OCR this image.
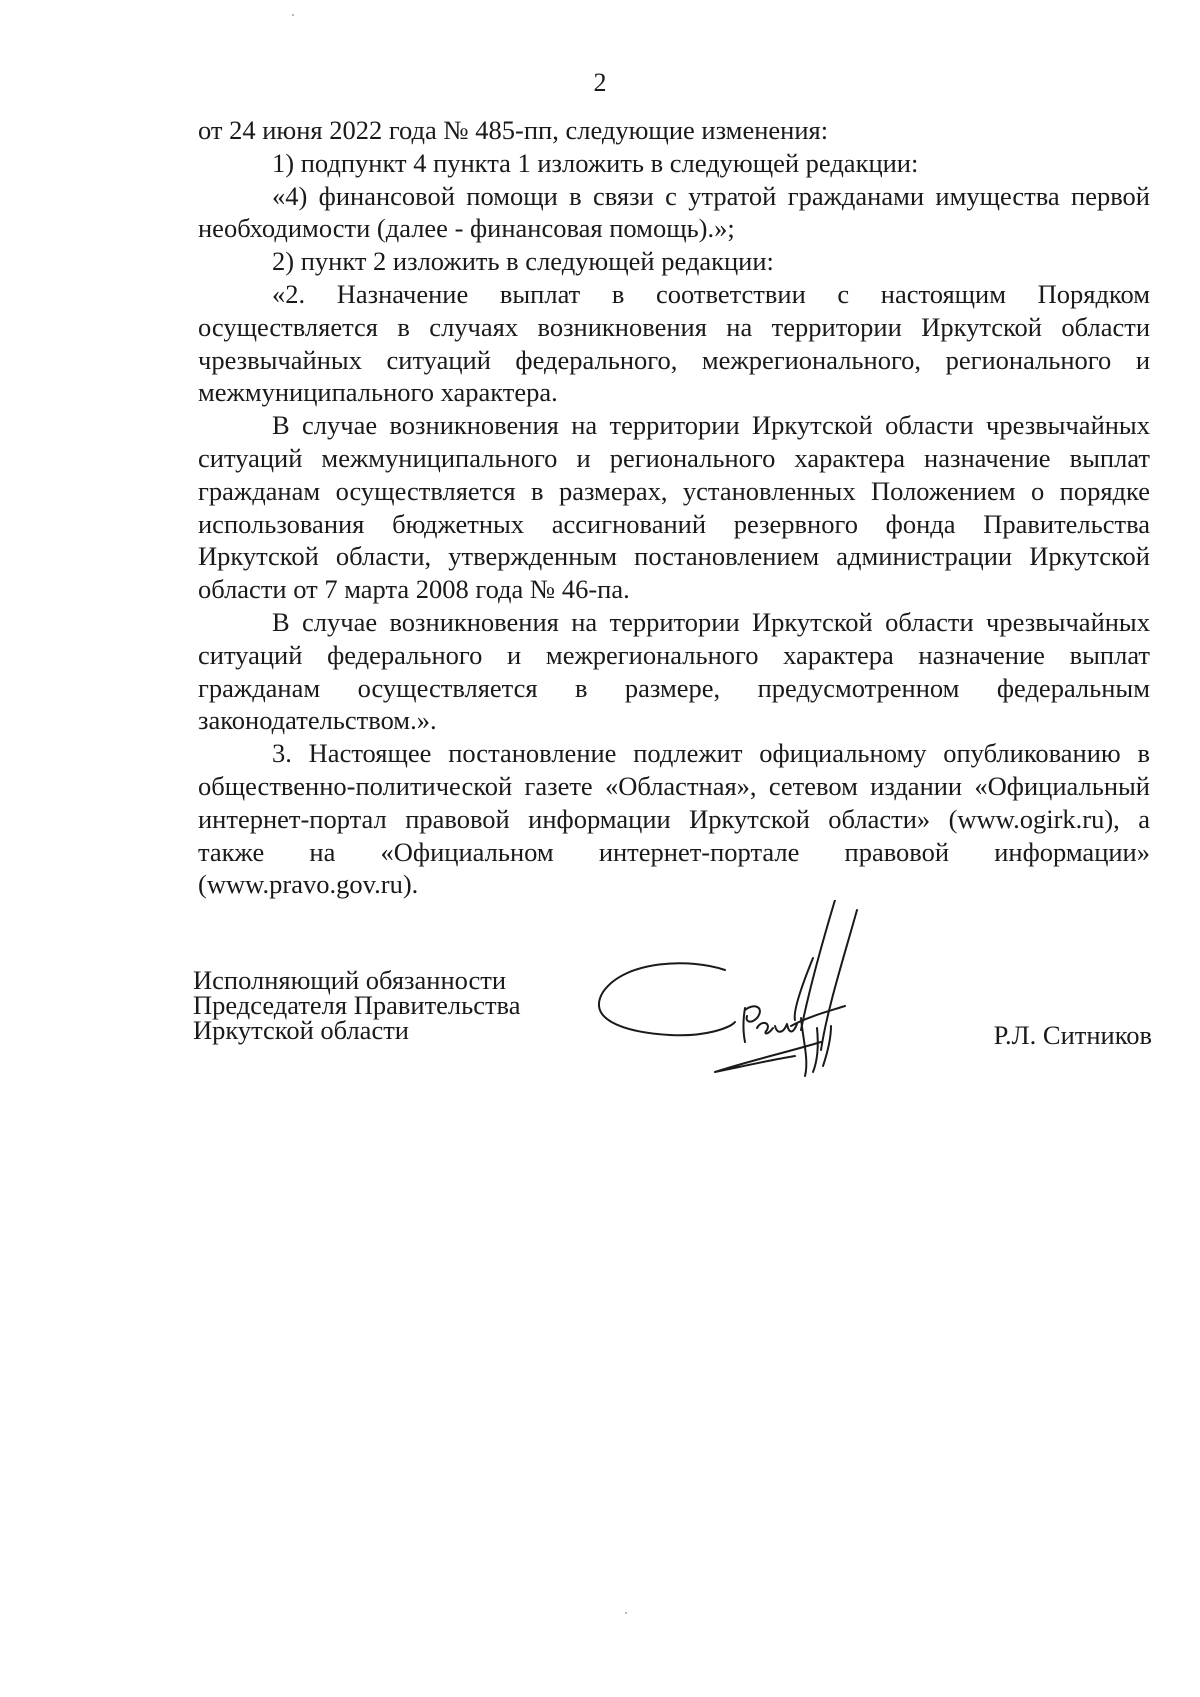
2

от 24 июня 2022 года № 485-пп, следующие изменения:

1) подпункт 4 пункта 1 изложить в следующей редакции:

«4) финансовой помощи в связи с утратой гражданами имущества первой необходимости (далее - финансовая помощь).»;

2) пункт 2 изложить в следующей редакции:

«2. Назначение выплат в соответствии с настоящим Порядком осуществляется в случаях возникновения на территории Иркутской области чрезвычайных ситуаций федерального, межрегионального, регионального и межмуниципального характера.

В случае возникновения на территории Иркутской области чрезвычайных ситуаций межмуниципального и регионального характера назначение выплат гражданам осуществляется в размерах, установленных Положением о порядке использования бюджетных ассигнований резервного фонда Правительства Иркутской области, утвержденным постановлением администрации Иркутской области от 7 марта 2008 года № 46-па.

В случае возникновения на территории Иркутской области чрезвычайных ситуаций федерального и межрегионального характера назначение выплат гражданам осуществляется в размере, предусмотренном федеральным законодательством.».

3. Настоящее постановление подлежит официальному опубликованию в общественно-политической газете «Областная», сетевом издании «Официальный интернет-портал правовой информации Иркутской области» (www.ogirk.ru), а также на «Официальном интернет-портале правовой информации» (www.pravo.gov.ru).

Исполняющий обязанности
Председателя Правительства
Иркутской области	Р.Л. Ситников
